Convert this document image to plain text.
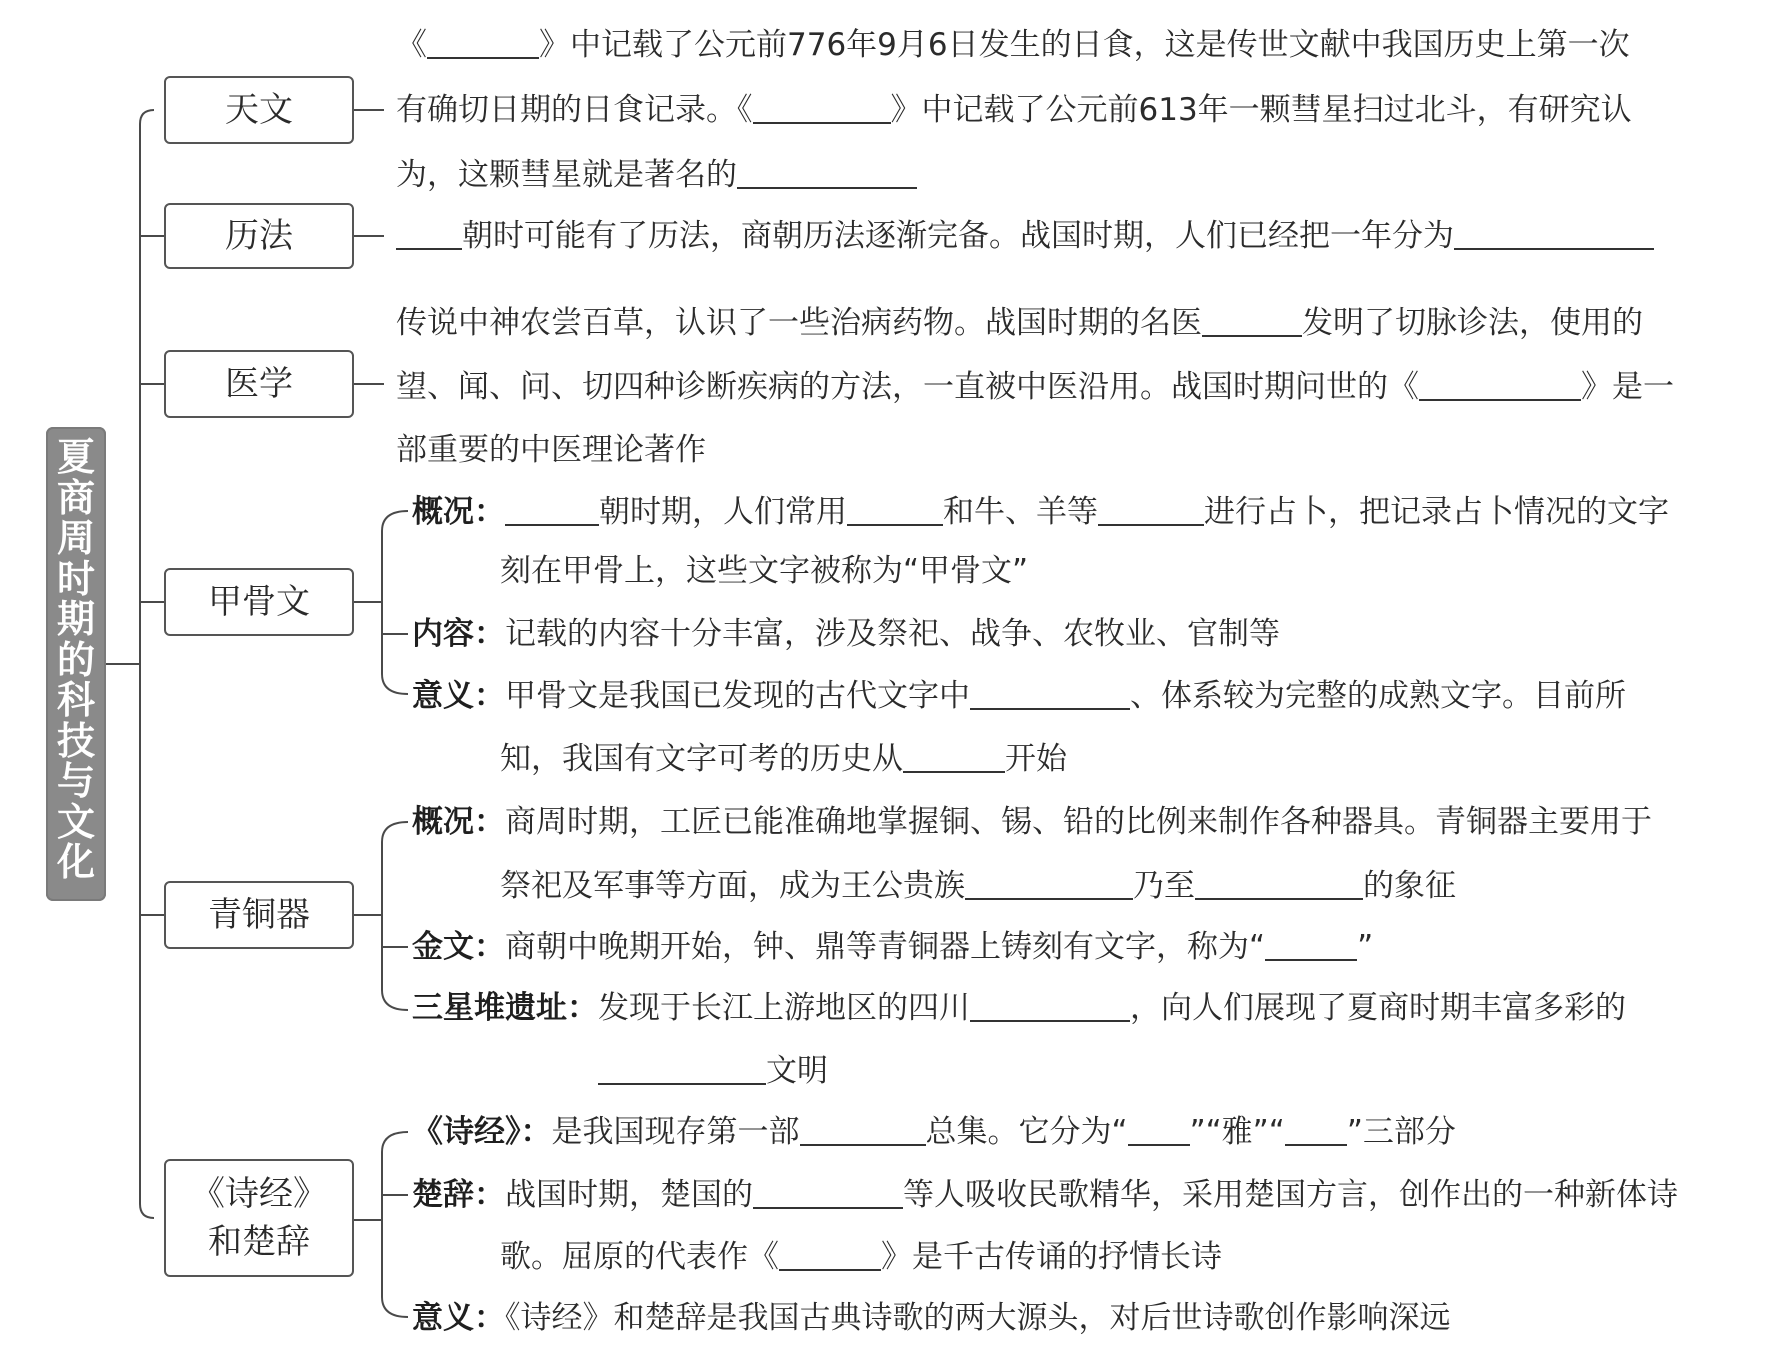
夏商周时期的科技与文化
天文
历法
医学
甲骨文
青铜器
《诗经》
和楚辞
《	》中记载了公元前776年9月6日发生的日食，这是传世文献中我国历史上第一次
有确切日期的日食记录。《	》中记载了公元前613年一颗彗星扫过北斗，有研究认
为，这颗彗星就是著名的
朝时可能有了历法，商朝历法逐渐完备。战国时期，人们已经把一年分为
传说中神农尝百草，认识了一些治病药物。战国时期的名医	发明了切脉诊法，使用的
望、闻、问、切四种诊断疾病的方法，一直被中医沿用。战国时期问世的《	》是一
部重要的中医理论著作
概况：	朝时期，人们常用	和牛、羊等	进行占卜，把记录占卜情况的文字
刻在甲骨上，这些文字被称为“甲骨文”
内容：记载的内容十分丰富，涉及祭祀、战争、农牧业、官制等
意义：甲骨文是我国已发现的古代文字中	、体系较为完整的成熟文字。目前所
知，我国有文字可考的历史从	开始
概况：商周时期，工匠已能准确地掌握铜、锡、铅的比例来制作各种器具。青铜器主要用于
祭祀及军事等方面，成为王公贵族	乃至	的象征
金文：商朝中晚期开始，钟、鼎等青铜器上铸刻有文字，称为“	”
三星堆遗址：发现于长江上游地区的四川	，向人们展现了夏商时期丰富多彩的
文明
《诗经》：是我国现存第一部	总集。它分为“ ”“雅”“ ”三部分
楚辞：战国时期，楚国的	等人吸收民歌精华，采用楚国方言，创作出的一种新体诗
歌。屈原的代表作《	》是千古传诵的抒情长诗
意义：《诗经》和楚辞是我国古典诗歌的两大源头，对后世诗歌创作影响深远
